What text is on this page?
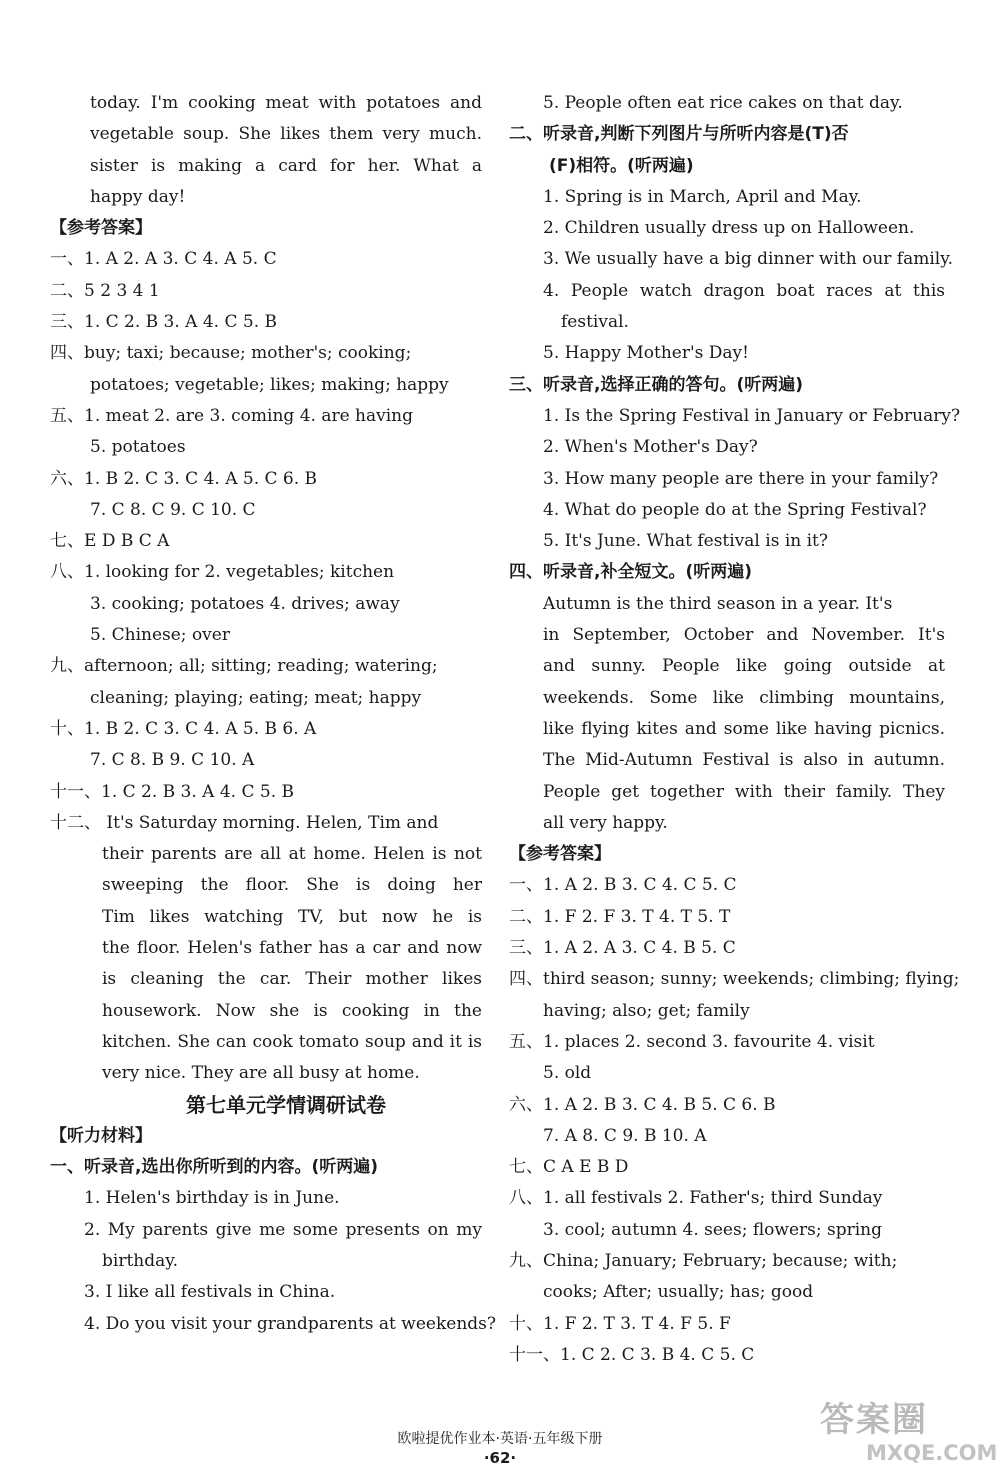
today. I'm cooking meat with potatoes and
vegetable soup. She likes them very much.
sister is making a card for her. What a
happy day!
【参考答案】
一、1. A 2. A 3. C 4. A 5. C
二、5 2 3 4 1
三、1. C 2. B 3. A 4. C 5. B
四、buy; taxi; because; mother's; cooking;
potatoes; vegetable; likes; making; happy
五、1. meat 2. are 3. coming 4. are having
5. potatoes
六、1. B 2. C 3. C 4. A 5. C 6. B
7. C 8. C 9. C 10. C
七、E D B C A
八、1. looking for 2. vegetables; kitchen
3. cooking; potatoes 4. drives; away
5. Chinese; over
九、afternoon; all; sitting; reading; watering;
cleaning; playing; eating; meat; happy
十、1. B 2. C 3. C 4. A 5. B 6. A
7. C 8. B 9. C 10. A
十一、1. C 2. B 3. A 4. C 5. B
十二、 It's Saturday morning. Helen, Tim and
their parents are all at home. Helen is not
sweeping the floor. She is doing her
Tim likes watching TV, but now he is
the floor. Helen's father has a car and now
is cleaning the car. Their mother likes
housework. Now she is cooking in the
kitchen. She can cook tomato soup and it is
very nice. They are all busy at home.
第七单元学情调研试卷
【听力材料】
一、听录音,选出你所听到的内容。(听两遍)
1. Helen's birthday is in June.
2. My parents give me some presents on my
birthday.
3. I like all festivals in China.
4. Do you visit your grandparents at weekends?
5. People often eat rice cakes on that day.
二、听录音,判断下列图片与所听内容是(T)否
(F)相符。(听两遍)
1. Spring is in March, April and May.
2. Children usually dress up on Halloween.
3. We usually have a big dinner with our family.
4. People watch dragon boat races at this
festival.
5. Happy Mother's Day!
三、听录音,选择正确的答句。(听两遍)
1. Is the Spring Festival in January or February?
2. When's Mother's Day?
3. How many people are there in your family?
4. What do people do at the Spring Festival?
5. It's June. What festival is in it?
四、听录音,补全短文。(听两遍)
Autumn is the third season in a year. It's
in September, October and November. It's
and sunny. People like going outside at
weekends. Some like climbing mountains,
like flying kites and some like having picnics.
The Mid-Autumn Festival is also in autumn.
People get together with their family. They
all very happy.
【参考答案】
一、1. A 2. B 3. C 4. C 5. C
二、1. F 2. F 3. T 4. T 5. T
三、1. A 2. A 3. C 4. B 5. C
四、third season; sunny; weekends; climbing; flying;
having; also; get; family
五、1. places 2. second 3. favourite 4. visit
5. old
六、1. A 2. B 3. C 4. B 5. C 6. B
7. A 8. C 9. B 10. A
七、C A E B D
八、1. all festivals 2. Father's; third Sunday
3. cool; autumn 4. sees; flowers; spring
九、China; January; February; because; with;
cooks; After; usually; has; good
十、1. F 2. T 3. T 4. F 5. F
十一、1. C 2. C 3. B 4. C 5. C
欧啦提优作业本·英语·五年级下册
·62·
答案圈
MXQE.COM
